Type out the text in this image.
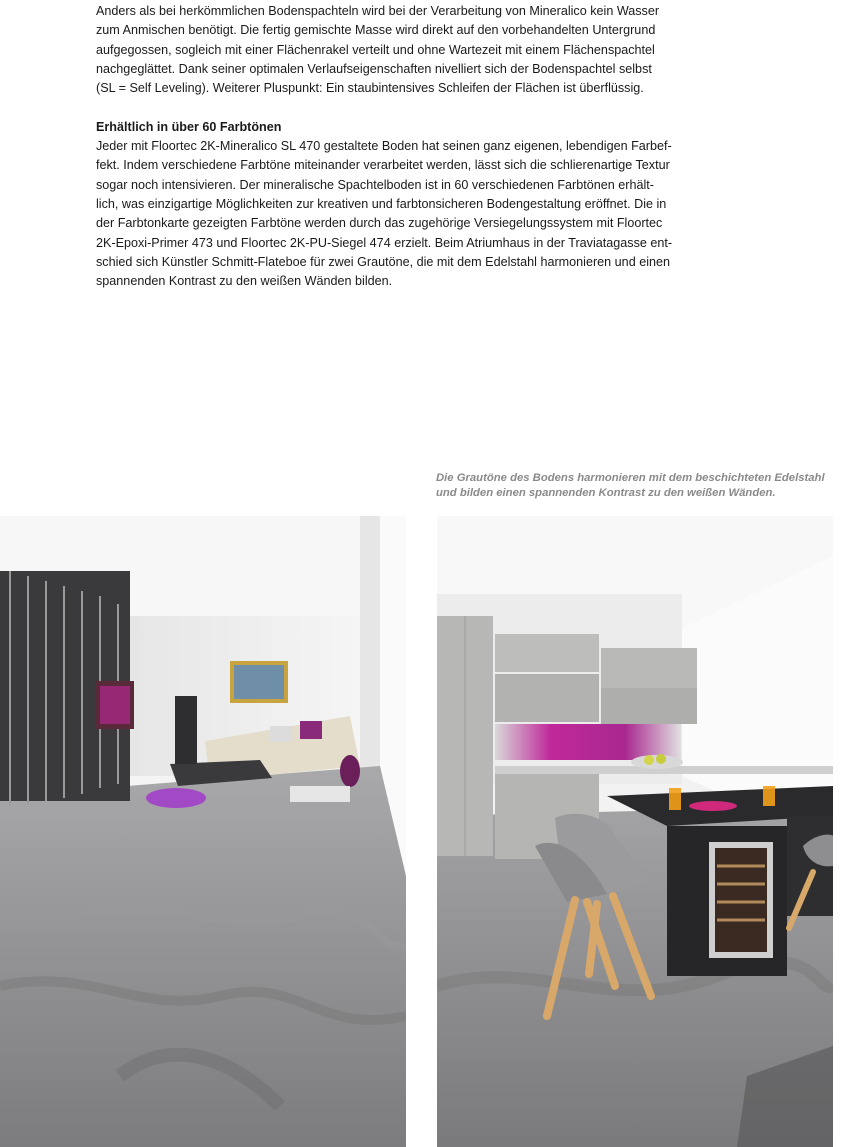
Anders als bei herkömmlichen Bodenspachteln wird bei der Verarbeitung von Mineralico kein Wasser
zum Anmischen benötigt. Die fertig gemischte Masse wird direkt auf den vorbehandelten Untergrund
aufgegossen, sogleich mit einer Flächenrakel verteilt und ohne Wartezeit mit einem Flächenspachtel
nachgeglättet. Dank seiner optimalen Verlaufseigenschaften nivelliert sich der Bodenspachtel selbst
(SL = Self Leveling). Weiterer Pluspunkt: Ein staubintensives Schleifen der Flächen ist überflüssig.

Erhältlich in über 60 Farbtönen

Jeder mit Floortec 2K-Mineralico SL 470 gestaltete Boden hat seinen ganz eigenen, lebendigen Farbef-
fekt. Indem verschiedene Farbtöne miteinander verarbeitet werden, lässt sich die schlierenartige Textur
sogar noch intensivieren. Der mineralische Spachtelboden ist in 60 verschiedenen Farbtönen erhält-
lich, was einzigartige Möglichkeiten zur kreativen und farbtonsicheren Bodengestaltung eröffnet. Die in
der Farbtonkarte gezeigten Farbtöne werden durch das zugehörige Versiegelungssystem mit Floortec
2K-Epoxi-Primer 473 und Floortec 2K-PU-Siegel 474 erzielt. Beim Atriumhaus in der Traviatagasse ent-
schied sich Künstler Schmitt-Flateboe für zwei Grautöne, die mit dem Edelstahl harmonieren und einen
spannenden Kontrast zu den weißen Wänden bilden.

Die Grautöne des Bodens harmonieren mit dem beschichteten Edelstahl
und bilden einen spannenden Kontrast zu den weißen Wänden.
